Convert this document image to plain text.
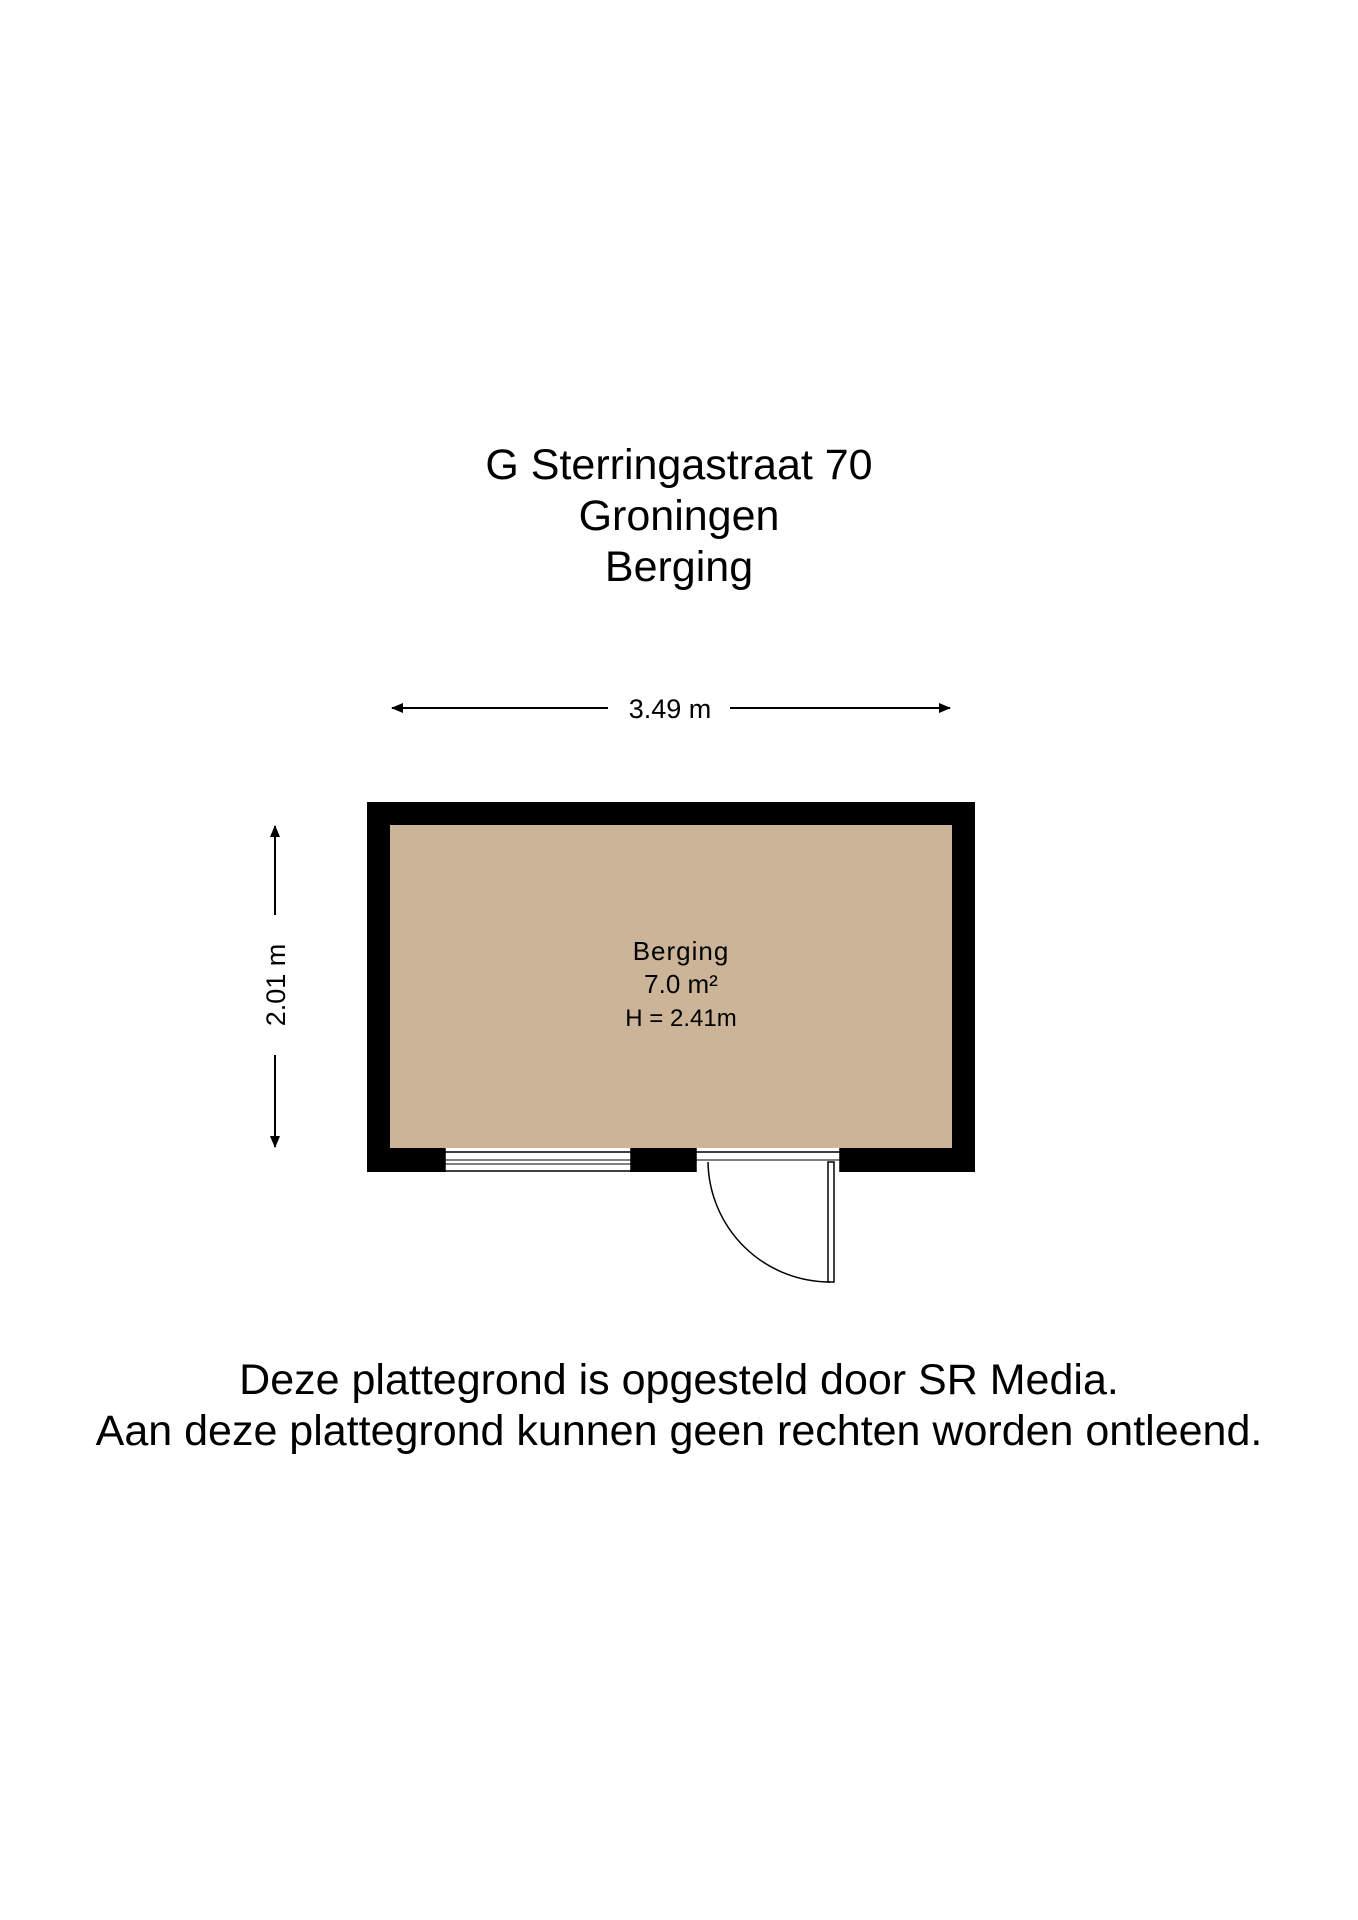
G Sterringastraat 70
Groningen
Berging
3.49 m
2.01 m	Berging
7.0 m²
H = 2.41m
Deze plattegrond is opgesteld door SR Media.
Aan deze plattegrond kunnen geen rechten worden ontleend.
